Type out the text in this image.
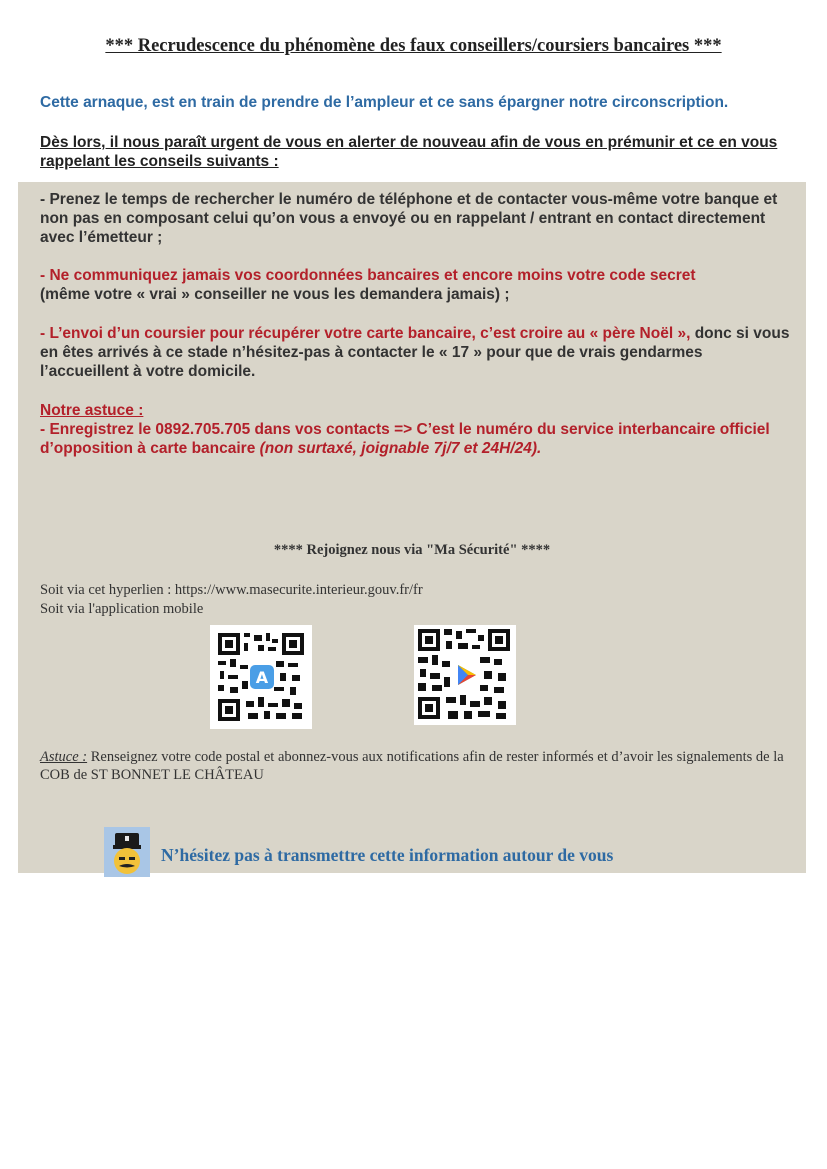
*** Recrudescence du phénomène des faux conseillers/coursiers bancaires ***
Cette arnaque, est en train de prendre de l’ampleur et ce sans épargner notre circonscription.
Dès lors, il nous paraît urgent de vous en alerter de nouveau afin de vous en prémunir et ce en vous rappelant les conseils suivants :
- Prenez le temps de rechercher le numéro de téléphone et de contacter vous-même votre banque et non pas en composant celui qu’on vous a envoyé ou en rappelant / entrant en contact directement avec l’émetteur ;
- Ne communiquez jamais vos coordonnées bancaires et encore moins votre code secret
(même votre « vrai » conseiller ne vous les demandera jamais) ;
- L’envoi d’un coursier pour récupérer votre carte bancaire, c’est croire au « père Noël », donc si vous en êtes arrivés à ce stade n’hésitez-pas à contacter le « 17 » pour que de vrais gendarmes l’accueillent à votre domicile.
Notre astuce :
- Enregistrez le 0892.705.705 dans vos contacts => C’est le numéro du service interbancaire officiel d’opposition à carte bancaire (non surtaxé, joignable 7j/7 et 24H/24).
**** Rejoignez nous via "Ma Sécurité" ****
Soit via cet hyperlien : https://www.masecurite.interieur.gouv.fr/fr
Soit via l'application mobile
A
Astuce : Renseignez votre code postal et abonnez-vous aux notifications afin de rester informés et d’avoir les signalements de la COB de ST BONNET LE CHÂTEAU
N’hésitez pas à transmettre cette information autour de vous
